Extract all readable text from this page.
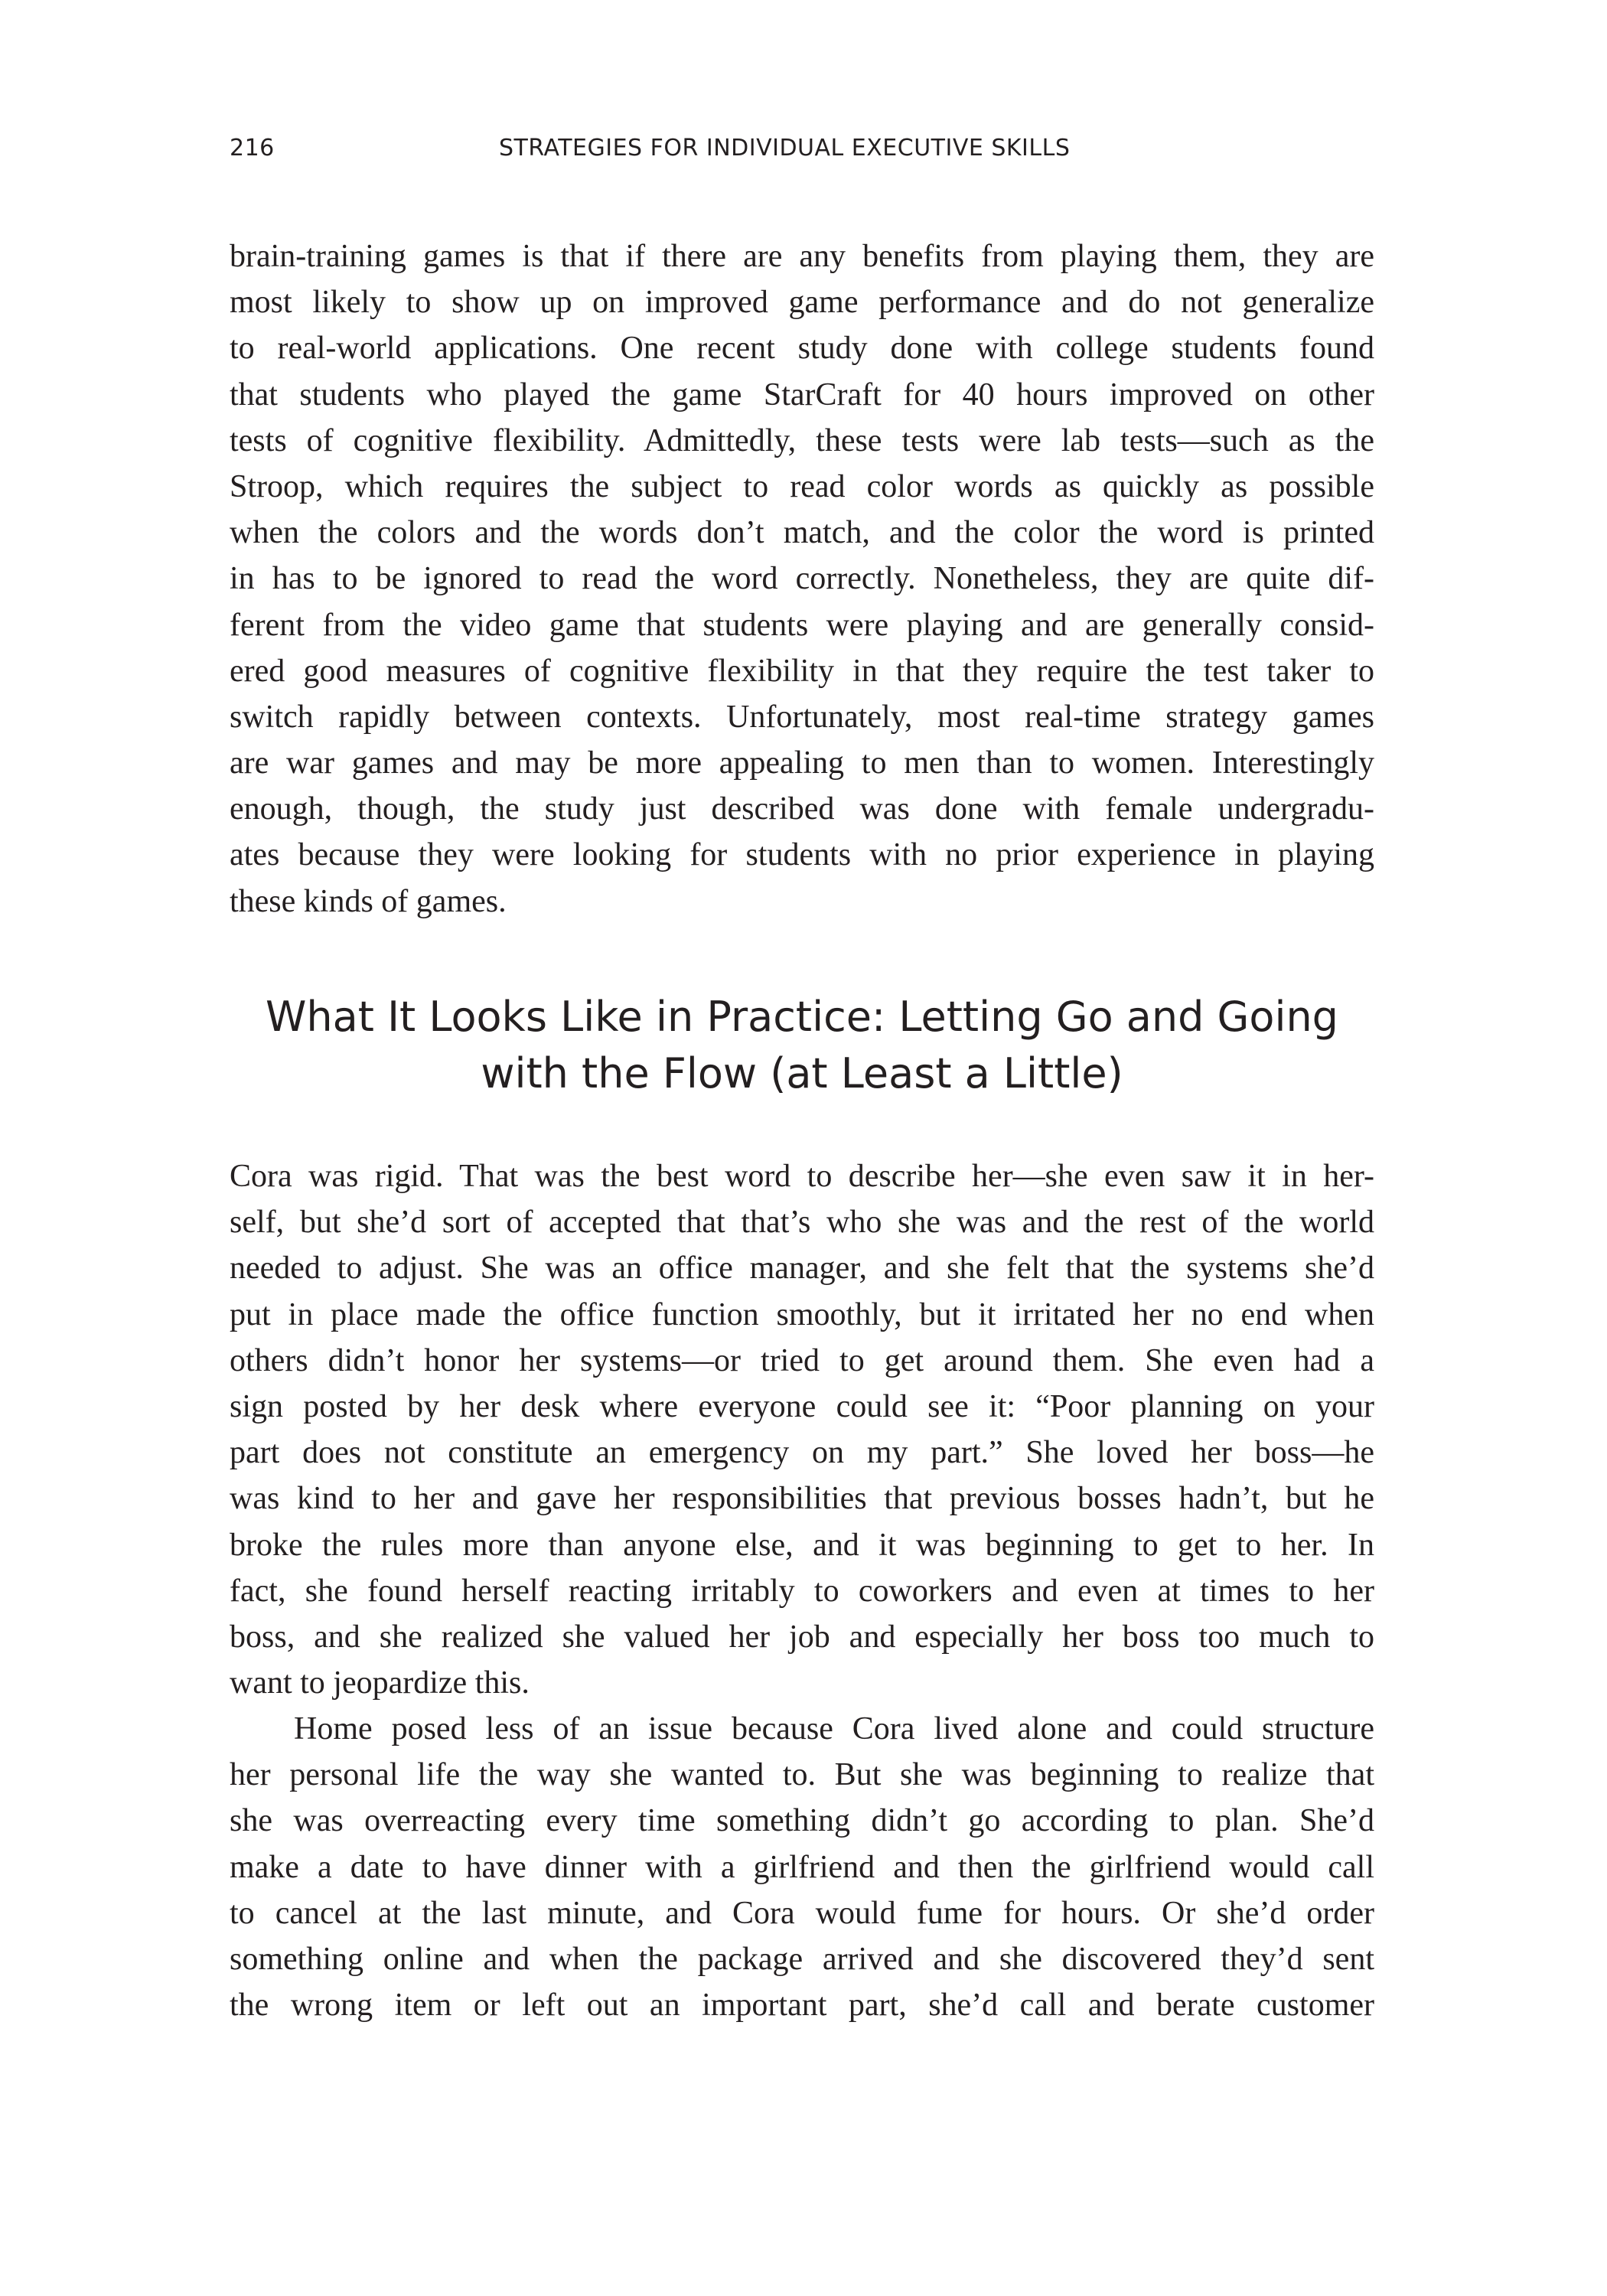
216	STRATEGIES FOR INDIVIDUAL EXECUTIVE SKILLS
brain-training games is that if there are any benefits from playing them, they are
most likely to show up on improved game performance and do not generalize
to real-world applications. One recent study done with college students found
that students who played the game StarCraft for 40 hours improved on other
tests of cognitive flexibility. Admittedly, these tests were lab tests—such as the
Stroop, which requires the subject to read color words as quickly as possible
when the colors and the words don’t match, and the color the word is printed
in has to be ignored to read the word correctly. Nonetheless, they are quite dif-
ferent from the video game that students were playing and are generally consid-
ered good measures of cognitive flexibility in that they require the test taker to
switch rapidly between contexts. Unfortunately, most real-time strategy games
are war games and may be more appealing to men than to women. Interestingly
enough, though, the study just described was done with female undergradu-
ates because they were looking for students with no prior experience in playing
these kinds of games.
What It Looks Like in Practice: Letting Go and Going
with the Flow (at Least a Little)
Cora was rigid. That was the best word to describe her—she even saw it in her-
self, but she’d sort of accepted that that’s who she was and the rest of the world
needed to adjust. She was an office manager, and she felt that the systems she’d
put in place made the office function smoothly, but it irritated her no end when
others didn’t honor her systems—or tried to get around them. She even had a
sign posted by her desk where everyone could see it: “Poor planning on your
part does not constitute an emergency on my part.” She loved her boss—he
was kind to her and gave her responsibilities that previous bosses hadn’t, but he
broke the rules more than anyone else, and it was beginning to get to her. In
fact, she found herself reacting irritably to coworkers and even at times to her
boss, and she realized she valued her job and especially her boss too much to
want to jeopardize this.
Home posed less of an issue because Cora lived alone and could structure
her personal life the way she wanted to. But she was beginning to realize that
she was overreacting every time something didn’t go according to plan. She’d
make a date to have dinner with a girlfriend and then the girlfriend would call
to cancel at the last minute, and Cora would fume for hours. Or she’d order
something online and when the package arrived and she discovered they’d sent
the wrong item or left out an important part, she’d call and berate customer
